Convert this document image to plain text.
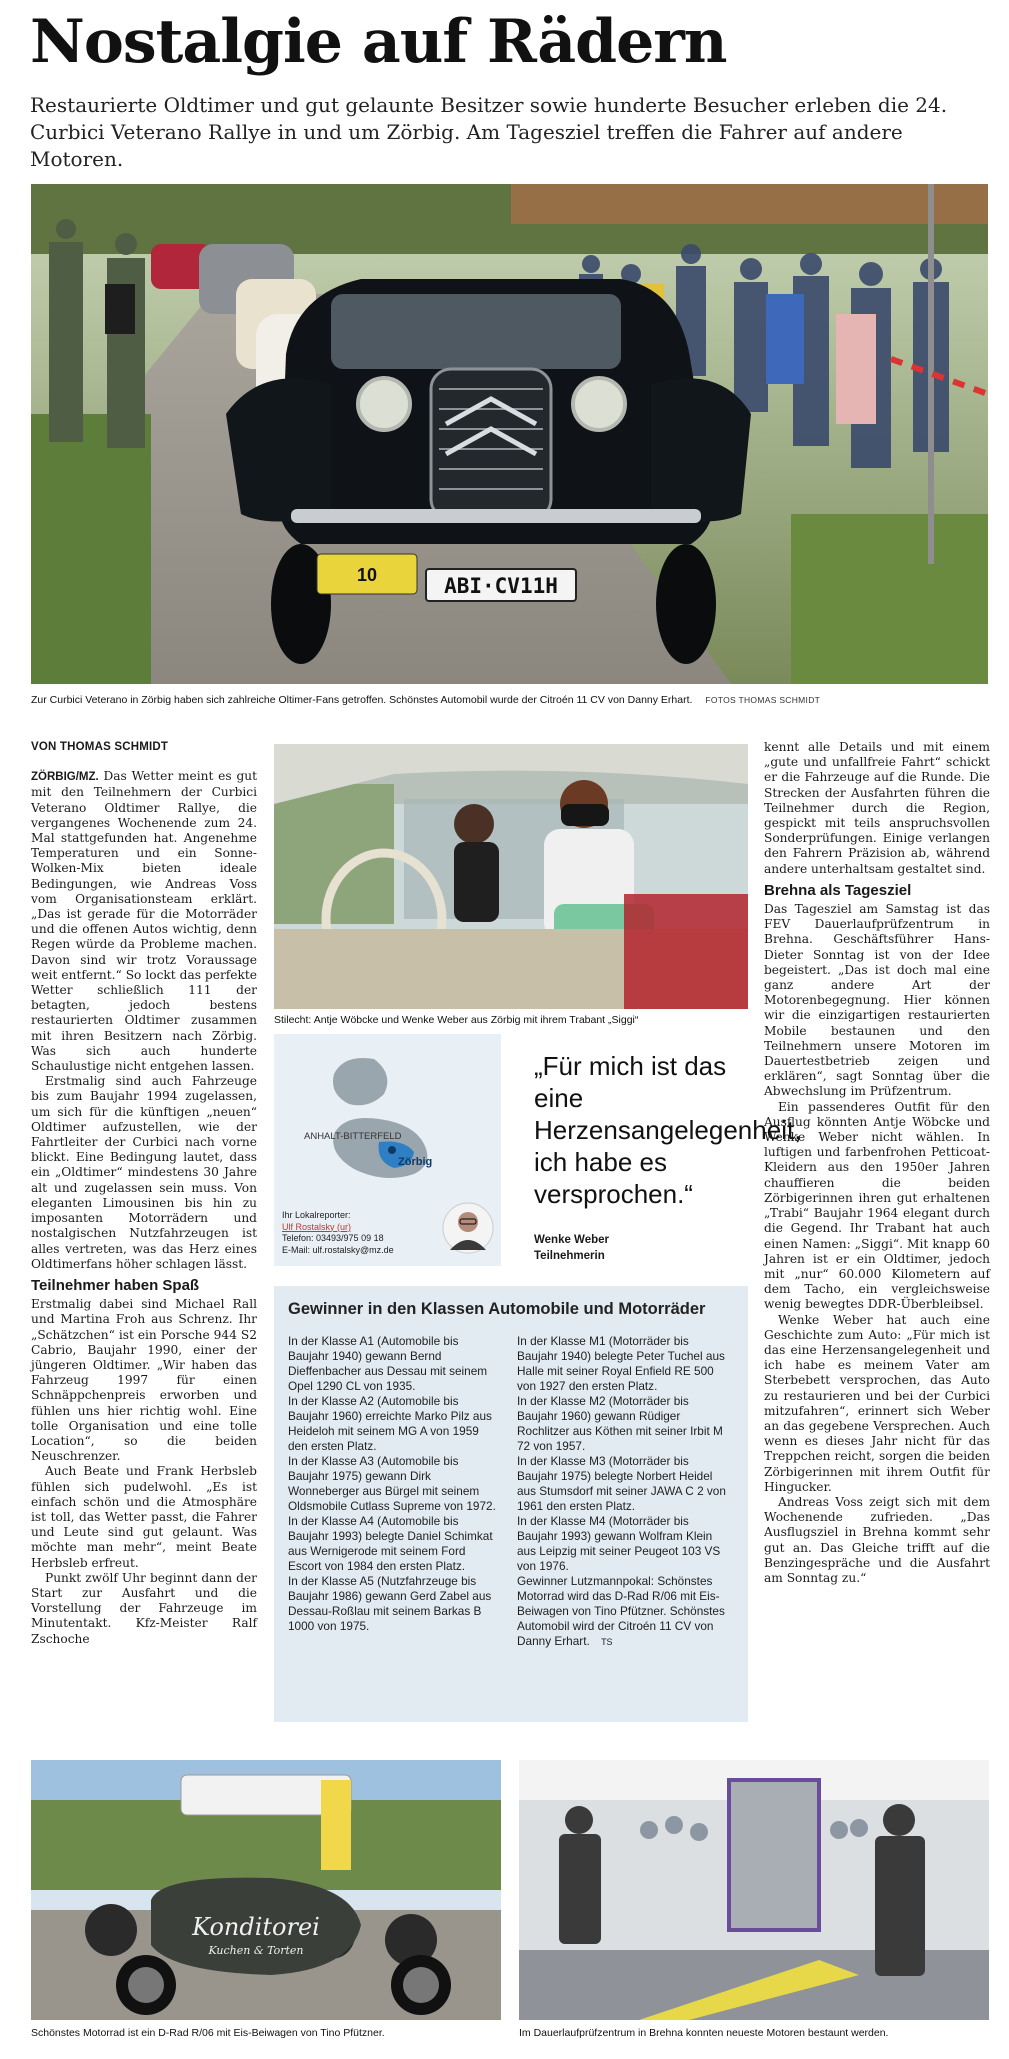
Nostalgie auf Rädern
Restaurierte Oldtimer und gut gelaunte Besitzer sowie hunderte Besucher erleben die 24. Curbici Veterano Rallye in und um Zörbig. Am Tagesziel treffen die Fahrer auf andere Motoren.
10	ABI·CV11H
Zur Curbici Veterano in Zörbig haben sich zahlreiche Oltimer-Fans getroffen. Schönstes Automobil wurde der Citroén 11 CV von Danny Erhart. FOTOS THOMAS SCHMIDT
VON THOMAS SCHMIDT

ZÖRBIG/MZ. Das Wetter meint es gut mit den Teilnehmern der Curbici Veterano Oldtimer Rallye, die vergangenes Wochenende zum 24. Mal stattgefunden hat. Angenehme Temperaturen und ein Sonne-Wolken-Mix bieten ideale Bedingungen, wie Andreas Voss vom Organisationsteam erklärt. „Das ist gerade für die Motorräder und die offenen Autos wichtig, denn Regen würde da Probleme machen. Davon sind wir trotz Voraussage weit entfernt.“ So lockt das perfekte Wetter schließlich 111 der betagten, jedoch bestens restaurierten Oldtimer zusammen mit ihren Besitzern nach Zörbig. Was sich auch hunderte Schaulustige nicht entgehen lassen.

Erstmalig sind auch Fahrzeuge bis zum Baujahr 1994 zugelassen, um sich für die künftigen „neuen“ Oldtimer aufzustellen, wie der Fahrtleiter der Curbici nach vorne blickt. Eine Bedingung lautet, dass ein „Oldtimer“ mindestens 30 Jahre alt und zugelassen sein muss. Von eleganten Limousinen bis hin zu imposanten Motorrädern und nostalgischen Nutzfahrzeugen ist alles vertreten, was das Herz eines Oldtimerfans höher schlagen lässt.

Teilnehmer haben Spaß

Erstmalig dabei sind Michael Rall und Martina Froh aus Schrenz. Ihr „Schätzchen“ ist ein Porsche 944 S2 Cabrio, Baujahr 1990, einer der jüngeren Oldtimer. „Wir haben das Fahrzeug 1997 für einen Schnäppchenpreis erworben und fühlen uns hier richtig wohl. Eine tolle Organisation und eine tolle Location“, so die beiden Neuschrenzer.

Auch Beate und Frank Herbsleb fühlen sich pudelwohl. „Es ist einfach schön und die Atmosphäre ist toll, das Wetter passt, die Fahrer und Leute sind gut gelaunt. Was möchte man mehr“, meint Beate Herbsleb erfreut.

Punkt zwölf Uhr beginnt dann der Start zur Ausfahrt und die Vorstellung der Fahrzeuge im Minutentakt. Kfz-Meister Ralf Zschoche

Stilecht: Antje Wöbcke und Wenke Weber aus Zörbig mit ihrem Trabant „Siggi“
ANHALT-BITTERFELD
Zörbig
Ihr Lokalreporter:
Ulf Rostalsky (ur)
Telefon: 03493/975 09 18
E-Mail: ulf.rostalsky@mz.de
„Für mich ist das eine Herzensangelegenheit, ich habe es versprochen.“
Wenke Weber
Teilnehmerin
Gewinner in den Klassen Automobile und Motorräder
In der Klasse A1 (Automobile bis Baujahr 1940) gewann Bernd Dieffenbacher aus Dessau mit seinem Opel 1290 CL von 1935.
In der Klasse A2 (Automobile bis Baujahr 1960) erreichte Marko Pilz aus Heideloh mit seinem MG A von 1959 den ersten Platz.
In der Klasse A3 (Automobile bis Baujahr 1975) gewann Dirk Wonneberger aus Bürgel mit seinem Oldsmobile Cutlass Supreme von 1972.
In der Klasse A4 (Automobile bis Baujahr 1993) belegte Daniel Schimkat aus Wernigerode mit seinem Ford Escort von 1984 den ersten Platz.
In der Klasse A5 (Nutzfahrzeuge bis Baujahr 1986) gewann Gerd Zabel aus Dessau-Roßlau mit seinem Barkas B 1000 von 1975.
In der Klasse M1 (Motorräder bis Baujahr 1940) belegte Peter Tuchel aus Halle mit seiner Royal Enfield RE 500 von 1927 den ersten Platz.
In der Klasse M2 (Motorräder bis Baujahr 1960) gewann Rüdiger Rochlitzer aus Köthen mit seiner Irbit M 72 von 1957.
In der Klasse M3 (Motorräder bis Baujahr 1975) belegte Norbert Heidel aus Stumsdorf mit seiner JAWA C 2 von 1961 den ersten Platz.
In der Klasse M4 (Motorräder bis Baujahr 1993) gewann Wolfram Klein aus Leipzig mit seiner Peugeot 103 VS von 1976.
Gewinner Lutzmannpokal: Schönstes Motorrad wird das D-Rad R/06 mit Eis-Beiwagen von Tino Pfützner. Schönstes Automobil wird der Citroén 11 CV von Danny Erhart. TS

kennt alle Details und mit einem „gute und unfallfreie Fahrt“ schickt er die Fahrzeuge auf die Runde. Die Strecken der Ausfahrten führen die Teilnehmer durch die Region, gespickt mit teils anspruchsvollen Sonderprüfungen. Einige verlangen den Fahrern Präzision ab, während andere unterhaltsam gestaltet sind.

Brehna als Tagesziel

Das Tagesziel am Samstag ist das FEV Dauerlaufprüfzentrum in Brehna. Geschäftsführer Hans-Dieter Sonntag ist von der Idee begeistert. „Das ist doch mal eine ganz andere Art der Motorenbegegnung. Hier können wir die einzigartigen restaurierten Mobile bestaunen und den Teilnehmern unsere Motoren im Dauertestbetrieb zeigen und erklären“, sagt Sonntag über die Abwechslung im Prüfzentrum.

Ein passenderes Outfit für den Ausflug könnten Antje Wöbcke und Wenke Weber nicht wählen. In luftigen und farbenfrohen Petticoat-Kleidern aus den 1950er Jahren chauffieren die beiden Zörbigerinnen ihren gut erhaltenen „Trabi“ Baujahr 1964 elegant durch die Gegend. Ihr Trabant hat auch einen Namen: „Siggi“. Mit knapp 60 Jahren ist er ein Oldtimer, jedoch mit „nur“ 60.000 Kilometern auf dem Tacho, ein vergleichsweise wenig bewegtes DDR-Überbleibsel.

Wenke Weber hat auch eine Geschichte zum Auto: „Für mich ist das eine Herzensangelegenheit und ich habe es meinem Vater am Sterbebett versprochen, das Auto zu restaurieren und bei der Curbici mitzufahren“, erinnert sich Weber an das gegebene Versprechen. Auch wenn es dieses Jahr nicht für das Treppchen reicht, sorgen die beiden Zörbigerinnen mit ihrem Outfit für Hingucker.

Andreas Voss zeigt sich mit dem Wochenende zufrieden. „Das Ausflugsziel in Brehna kommt sehr gut an. Das Gleiche trifft auf die Benzingespräche und die Ausfahrt am Sonntag zu.“

Konditorei
Kuchen & Torten
Schönstes Motorrad ist ein D-Rad R/06 mit Eis-Beiwagen von Tino Pfützner.	Im Dauerlaufprüfzentrum in Brehna konnten neueste Motoren bestaunt werden.
